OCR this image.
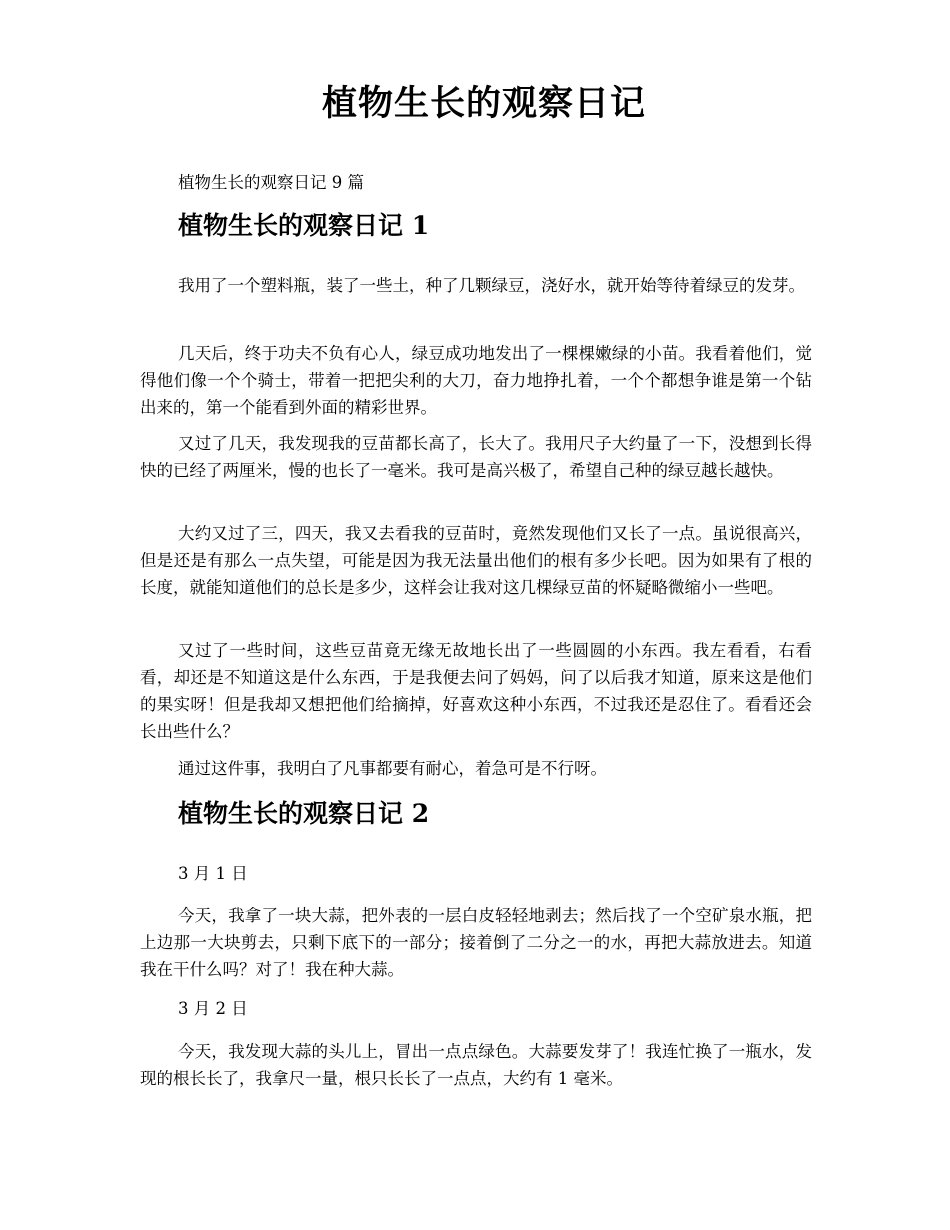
植物生长的观察日记

植物生长的观察日记 9 篇

植物生长的观察日记 1

我用了一个塑料瓶，装了一些土，种了几颗绿豆，浇好水，就开始等待着绿豆的发芽。

几天后，终于功夫不负有心人，绿豆成功地发出了一棵棵嫩绿的小苗。我看着他们，觉得他们像一个个骑士，带着一把把尖利的大刀，奋力地挣扎着，一个个都想争谁是第一个钻出来的，第一个能看到外面的精彩世界。

又过了几天，我发现我的豆苗都长高了，长大了。我用尺子大约量了一下，没想到长得快的已经了两厘米，慢的也长了一毫米。我可是高兴极了，希望自己种的绿豆越长越快。

大约又过了三，四天，我又去看我的豆苗时，竟然发现他们又长了一点。虽说很高兴，但是还是有那么一点失望，可能是因为我无法量出他们的根有多少长吧。因为如果有了根的长度，就能知道他们的总长是多少，这样会让我对这几棵绿豆苗的怀疑略微缩小一些吧。

又过了一些时间，这些豆苗竟无缘无故地长出了一些圆圆的小东西。我左看看，右看看，却还是不知道这是什么东西，于是我便去问了妈妈，问了以后我才知道，原来这是他们的果实呀！但是我却又想把他们给摘掉，好喜欢这种小东西，不过我还是忍住了。看看还会长出些什么？

通过这件事，我明白了凡事都要有耐心，着急可是不行呀。

植物生长的观察日记 2

3 月 1 日

今天，我拿了一块大蒜，把外表的一层白皮轻轻地剥去；然后找了一个空矿泉水瓶，把上边那一大块剪去，只剩下底下的一部分；接着倒了二分之一的水，再把大蒜放进去。知道我在干什么吗？对了！我在种大蒜。

3 月 2 日

今天，我发现大蒜的头儿上，冒出一点点绿色。大蒜要发芽了！我连忙换了一瓶水，发现的根长长了，我拿尺一量，根只长长了一点点，大约有 1 毫米。
